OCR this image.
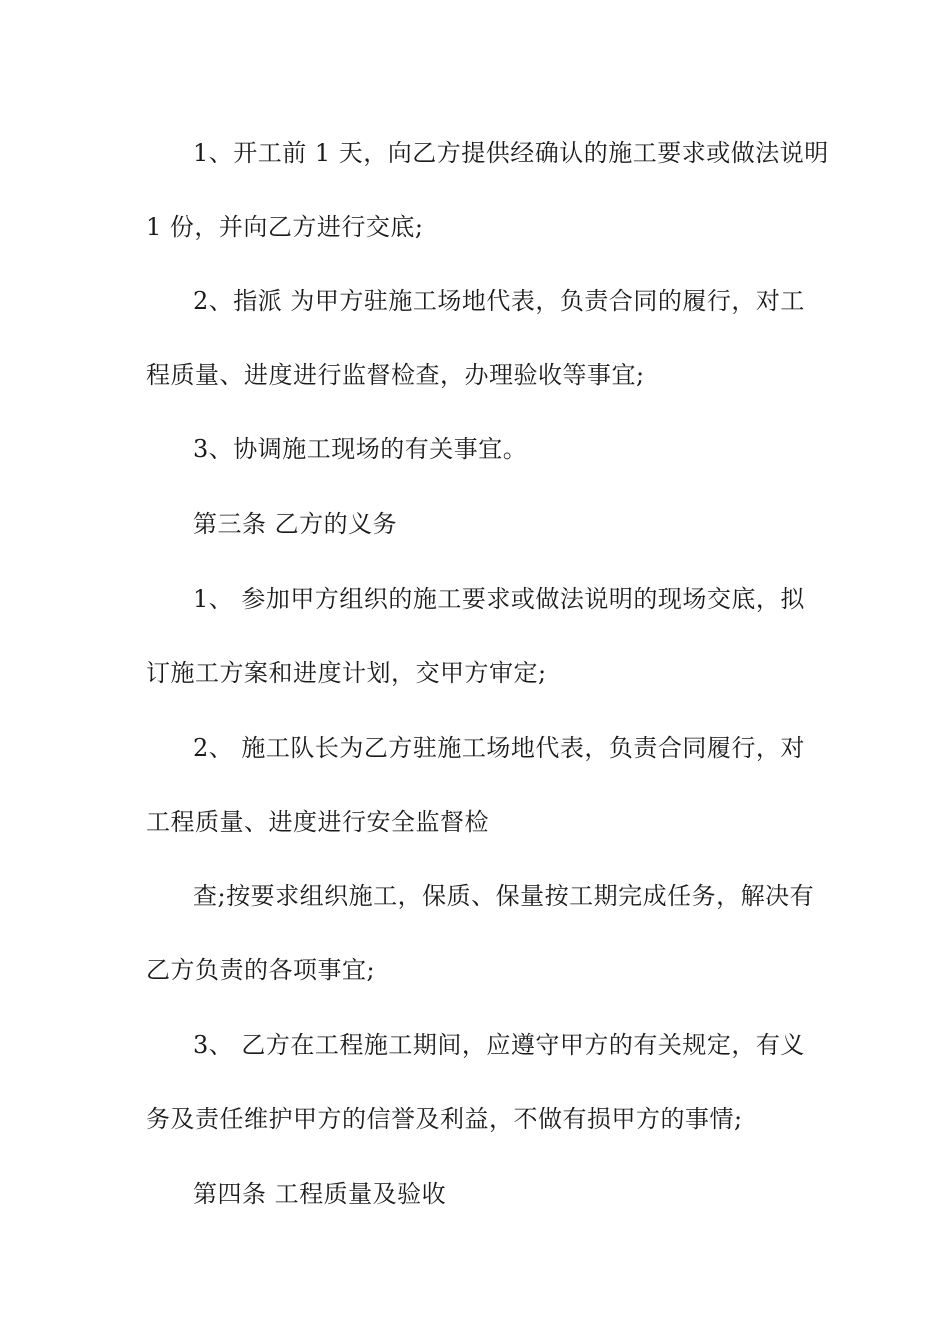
1、开工前 1 天，向乙方提供经确认的施工要求或做法说明
1 份，并向乙方进行交底;
2、指派 为甲方驻施工场地代表，负责合同的履行，对工
程质量、进度进行监督检查，办理验收等事宜;
3、协调施工现场的有关事宜。
第三条 乙方的义务
1、 参加甲方组织的施工要求或做法说明的现场交底，拟
订施工方案和进度计划，交甲方审定;
2、 施工队长为乙方驻施工场地代表，负责合同履行，对
工程质量、进度进行安全监督检
查;按要求组织施工，保质、保量按工期完成任务，解决有
乙方负责的各项事宜;
3、 乙方在工程施工期间，应遵守甲方的有关规定，有义
务及责任维护甲方的信誉及利益，不做有损甲方的事情;
第四条 工程质量及验收
